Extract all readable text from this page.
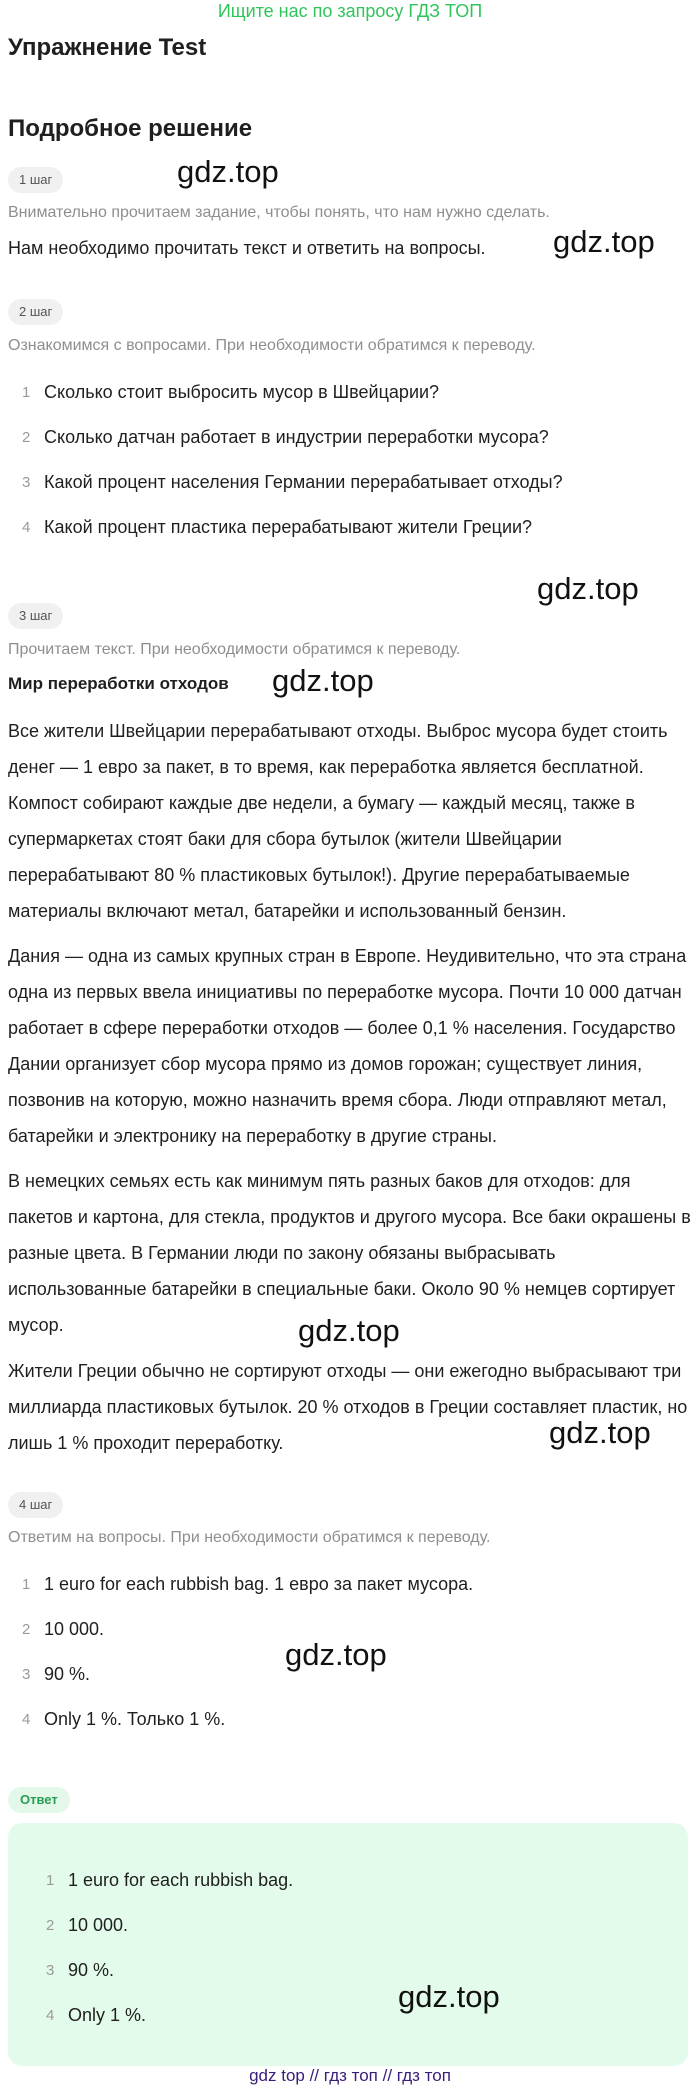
Ищите нас по запросу ГДЗ ТОП
Упражнение Test
Подробное решение
1 шаг	gdz.top
Внимательно прочитаем задание, чтобы понять, что нам нужно сделать.
Нам необходимо прочитать текст и ответить на вопросы. gdz.top
2 шаг
Ознакомимся с вопросами. При необходимости обратимся к переводу.
1 Сколько стоит выбросить мусор в Швейцарии?
2 Сколько датчан работает в индустрии переработки мусора?
3 Какой процент населения Германии перерабатывает отходы?
4 Какой процент пластика перерабатывают жители Греции?
gdz.top
3 шаг
Прочитаем текст. При необходимости обратимся к переводу.
Мир переработки отходов gdz.top

Все жители Швейцарии перерабатывают отходы. Выброс мусора будет стоить денег — 1 евро за пакет, в то время, как переработка является бесплатной. Компост собирают каждые две недели, а бумагу — каждый месяц, также в супермаркетах стоят баки для сбора бутылок (жители Швейцарии перерабатывают 80 % пластиковых бутылок!). Другие перерабатываемые материалы включают метал, батарейки и использованный бензин.

Дания — одна из самых крупных стран в Европе. Неудивительно, что эта страна одна из первых ввела инициативы по переработке мусора. Почти 10 000 датчан работает в сфере переработки отходов — более 0,1 % населения. Государство Дании организует сбор мусора прямо из домов горожан; существует линия, позвонив на которую, можно назначить время сбора. Люди отправляют метал, батарейки и электронику на переработку в другие страны.

В немецких семьях есть как минимум пять разных баков для отходов: для пакетов и картона, для стекла, продуктов и другого мусора. Все баки окрашены в разные цвета. В Германии люди по закону обязаны выбрасывать использованные батарейки в специальные баки. Около 90 % немцев сортирует мусор.	gdz.top

Жители Греции обычно не сортируют отходы — они ежегодно выбрасывают три миллиарда пластиковых бутылок. 20 % отходов в Греции составляет пластик, но лишь 1 % проходит переработку.	gdz.top
4 шаг
Ответим на вопросы. При необходимости обратимся к переводу.
1 1 euro for each rubbish bag. 1 евро за пакет мусора.
2 10 000.
3 90 %.
4 Only 1 %. Только 1 %.
gdz.top
Ответ
1 1 euro for each rubbish bag.
2 10 000.
3 90 %.
4 Only 1 %.
gdz.top
gdz top // гдз топ // гдз топ
